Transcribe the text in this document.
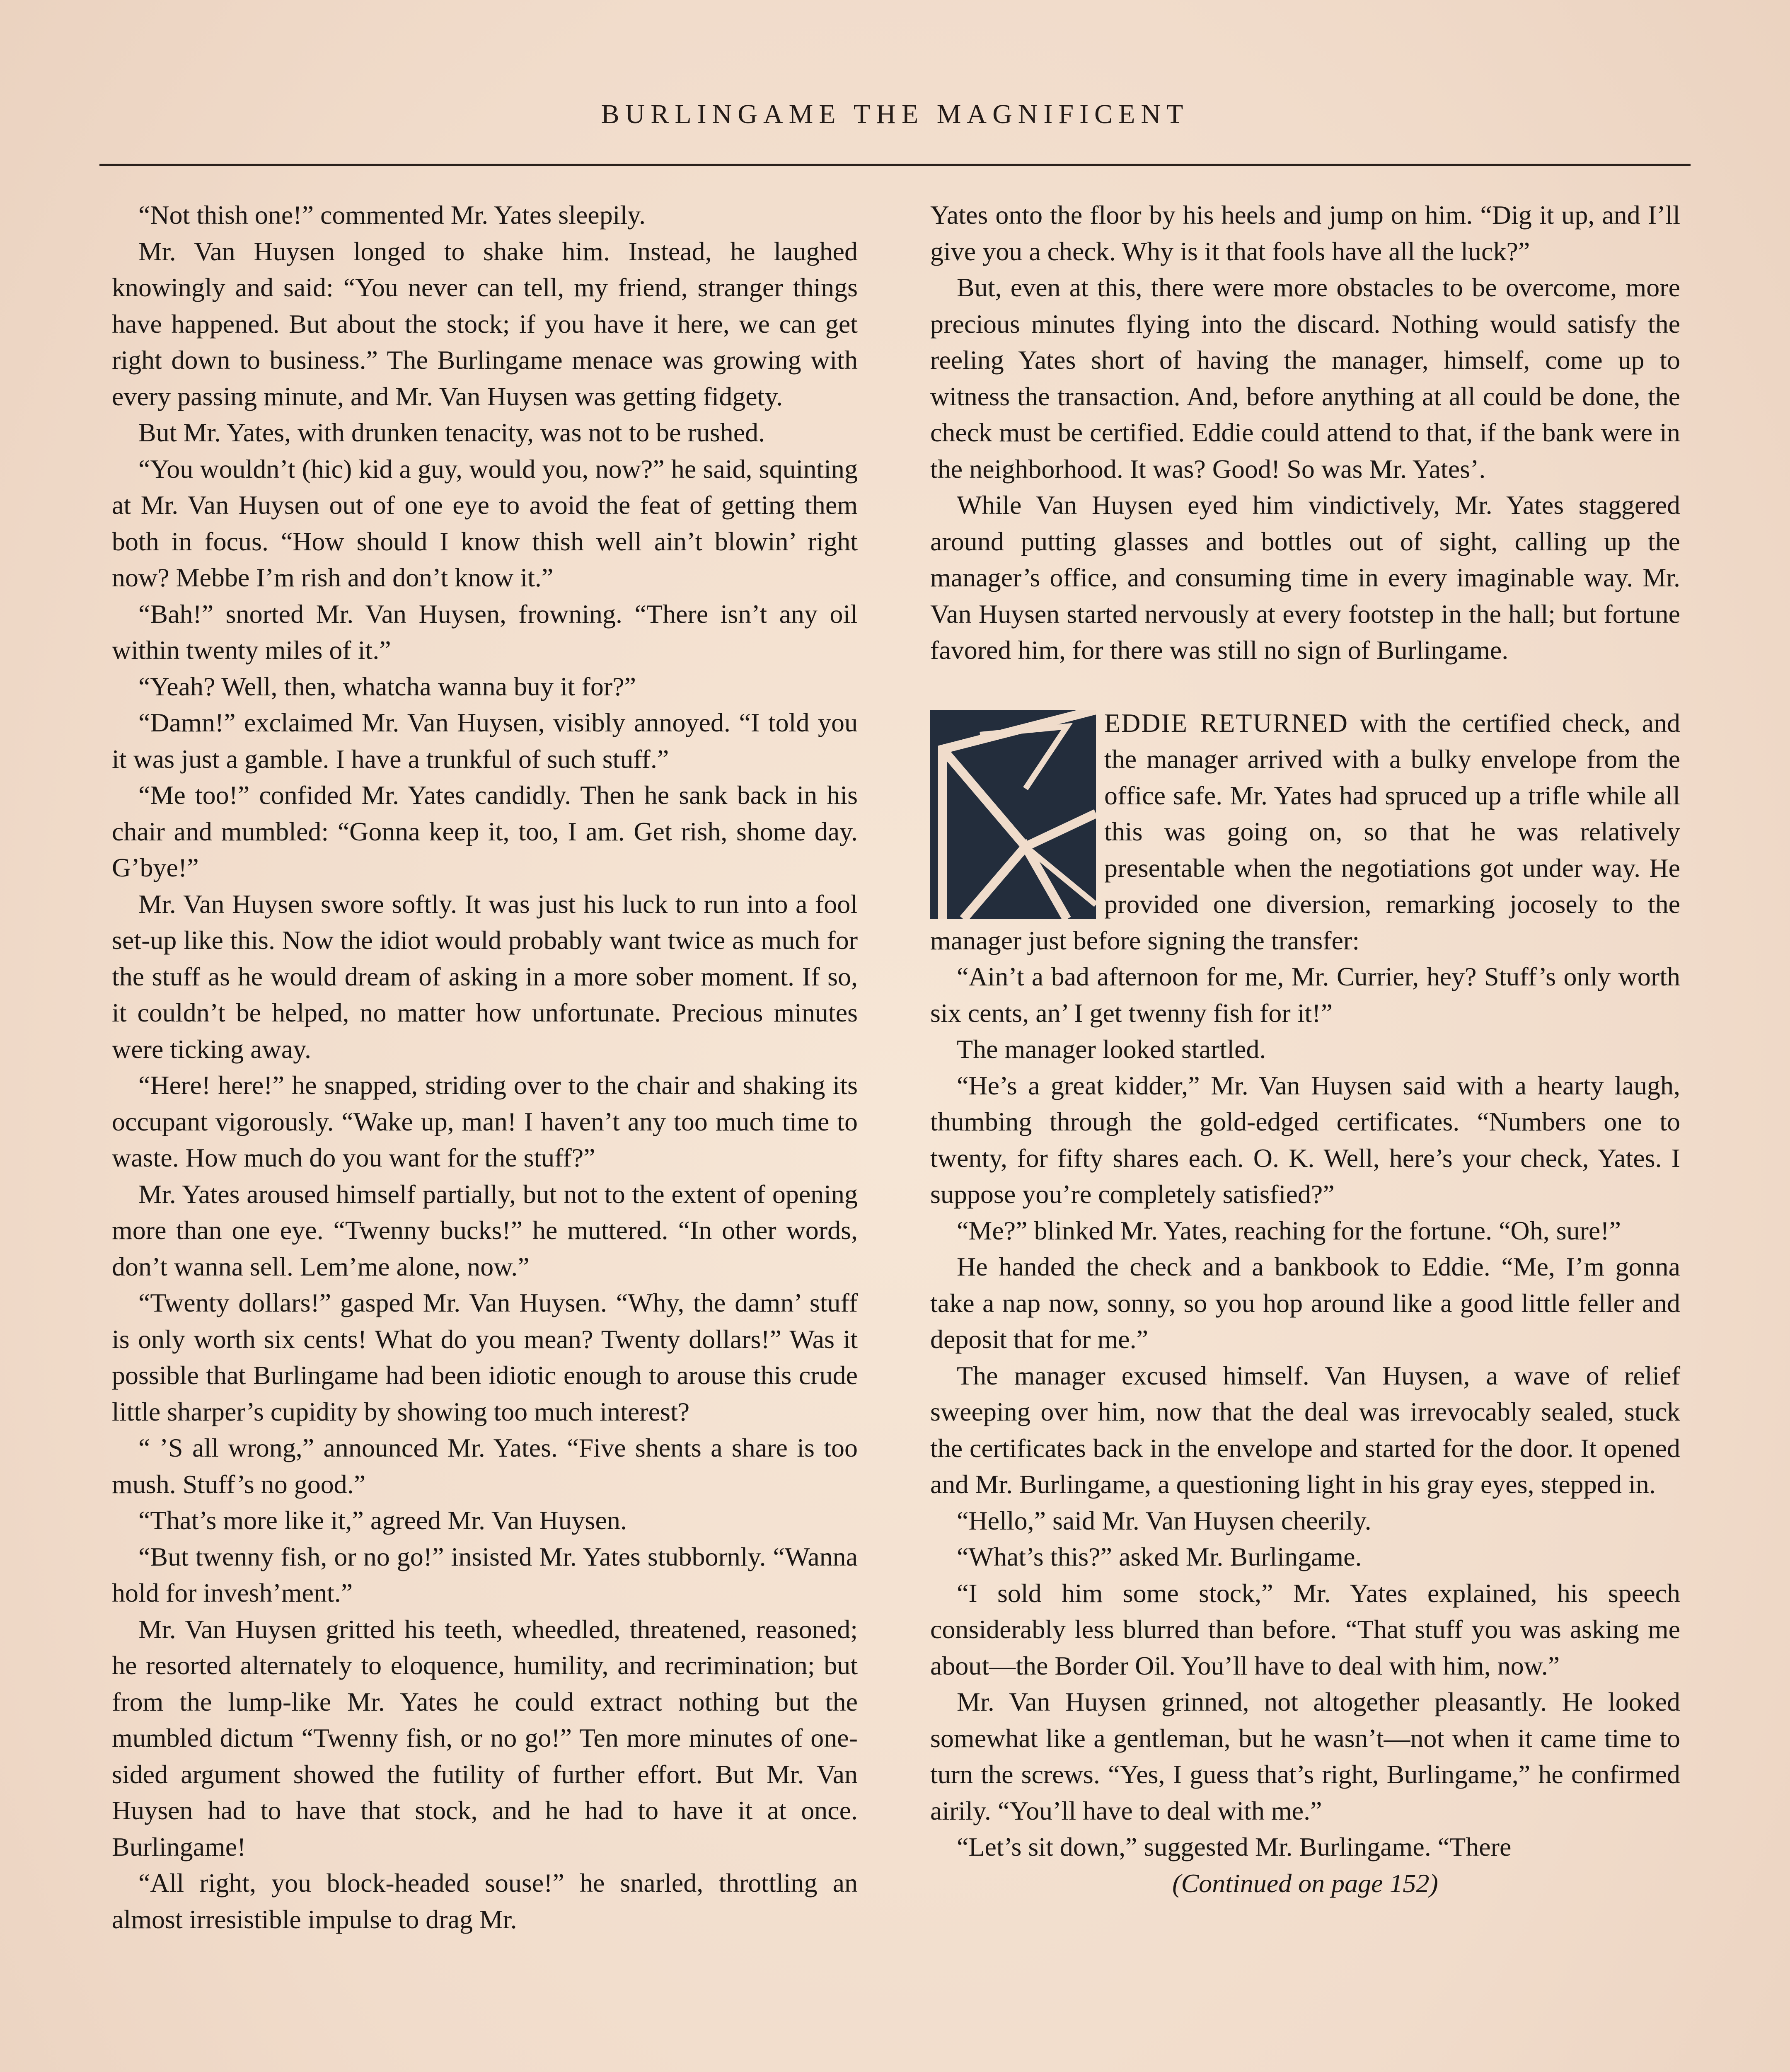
BURLINGAME THE MAGNIFICENT

“Not thish one!” commented Mr. Yates sleepily.

Mr. Van Huysen longed to shake him. Instead, he laughed knowingly and said: “You never can tell, my friend, stranger things have happened. But about the stock; if you have it here, we can get right down to business.” The Burlingame menace was growing with every passing minute, and Mr. Van Huysen was getting fidgety.

But Mr. Yates, with drunken tenacity, was not to be rushed.

“You wouldn’t (hic) kid a guy, would you, now?” he said, squinting at Mr. Van Huysen out of one eye to avoid the feat of getting them both in focus. “How should I know thish well ain’t blowin’ right now? Mebbe I’m rish and don’t know it.”

“Bah!” snorted Mr. Van Huysen, frowning. “There isn’t any oil within twenty miles of it.”

“Yeah? Well, then, whatcha wanna buy it for?”

“Damn!” exclaimed Mr. Van Huysen, visibly annoyed. “I told you it was just a gamble. I have a trunkful of such stuff.”

“Me too!” confided Mr. Yates candidly. Then he sank back in his chair and mumbled: “Gonna keep it, too, I am. Get rish, shome day. G’bye!”

Mr. Van Huysen swore softly. It was just his luck to run into a fool set-up like this. Now the idiot would probably want twice as much for the stuff as he would dream of asking in a more sober moment. If so, it couldn’t be helped, no matter how unfortunate. Precious minutes were ticking away.

“Here! here!” he snapped, striding over to the chair and shaking its occupant vigorously. “Wake up, man! I haven’t any too much time to waste. How much do you want for the stuff?”

Mr. Yates aroused himself partially, but not to the extent of opening more than one eye. “Twenny bucks!” he muttered. “In other words, don’t wanna sell. Lem’me alone, now.”

“Twenty dollars!” gasped Mr. Van Huysen. “Why, the damn’ stuff is only worth six cents! What do you mean? Twenty dollars!” Was it possible that Burlingame had been idiotic enough to arouse this crude little sharper’s cupidity by showing too much interest?

“ ’S all wrong,” announced Mr. Yates. “Five shents a share is too mush. Stuff’s no good.”

“That’s more like it,” agreed Mr. Van Huysen.

“But twenny fish, or no go!” insisted Mr. Yates stubbornly. “Wanna hold for invesh’ment.”

Mr. Van Huysen gritted his teeth, wheedled, threatened, reasoned; he resorted alternately to eloquence, humility, and recrimination; but from the lump-like Mr. Yates he could extract nothing but the mumbled dictum “Twenny fish, or no go!” Ten more minutes of one-sided argument showed the futility of further effort. But Mr. Van Huysen had to have that stock, and he had to have it at once. Burlingame!

“All right, you block-headed souse!” he snarled, throttling an almost irresistible impulse to drag Mr.

Yates onto the floor by his heels and jump on him. “Dig it up, and I’ll give you a check. Why is it that fools have all the luck?”

But, even at this, there were more obstacles to be overcome, more precious minutes flying into the discard. Nothing would satisfy the reeling Yates short of having the manager, himself, come up to witness the transaction. And, before anything at all could be done, the check must be certified. Eddie could attend to that, if the bank were in the neighborhood. It was? Good! So was Mr. Yates’.

While Van Huysen eyed him vindictively, Mr. Yates staggered around putting glasses and bottles out of sight, calling up the manager’s office, and consuming time in every imaginable way. Mr. Van Huysen started nervously at every footstep in the hall; but fortune favored him, for there was still no sign of Burlingame.

EDDIE RETURNED with the certified check, and the manager arrived with a bulky envelope from the office safe. Mr. Yates had spruced up a trifle while all this was going on, so that he was relatively presentable when the negotiations got under way. He provided one diversion, remarking jocosely to the manager just before signing the transfer:

“Ain’t a bad afternoon for me, Mr. Currier, hey? Stuff’s only worth six cents, an’ I get twenny fish for it!”

The manager looked startled.

“He’s a great kidder,” Mr. Van Huysen said with a hearty laugh, thumbing through the gold-edged certificates. “Numbers one to twenty, for fifty shares each. O. K. Well, here’s your check, Yates. I suppose you’re completely satisfied?”

“Me?” blinked Mr. Yates, reaching for the fortune. “Oh, sure!”

He handed the check and a bankbook to Eddie. “Me, I’m gonna take a nap now, sonny, so you hop around like a good little feller and deposit that for me.”

The manager excused himself. Van Huysen, a wave of relief sweeping over him, now that the deal was irrevocably sealed, stuck the certificates back in the envelope and started for the door. It opened and Mr. Burlingame, a questioning light in his gray eyes, stepped in.

“Hello,” said Mr. Van Huysen cheerily.

“What’s this?” asked Mr. Burlingame.

“I sold him some stock,” Mr. Yates explained, his speech considerably less blurred than before. “That stuff you was asking me about—the Border Oil. You’ll have to deal with him, now.”

Mr. Van Huysen grinned, not altogether pleasantly. He looked somewhat like a gentleman, but he wasn’t—not when it came time to turn the screws. “Yes, I guess that’s right, Burlingame,” he confirmed airily. “You’ll have to deal with me.”

“Let’s sit down,” suggested Mr. Burlingame. “There

(Continued on page 152)
